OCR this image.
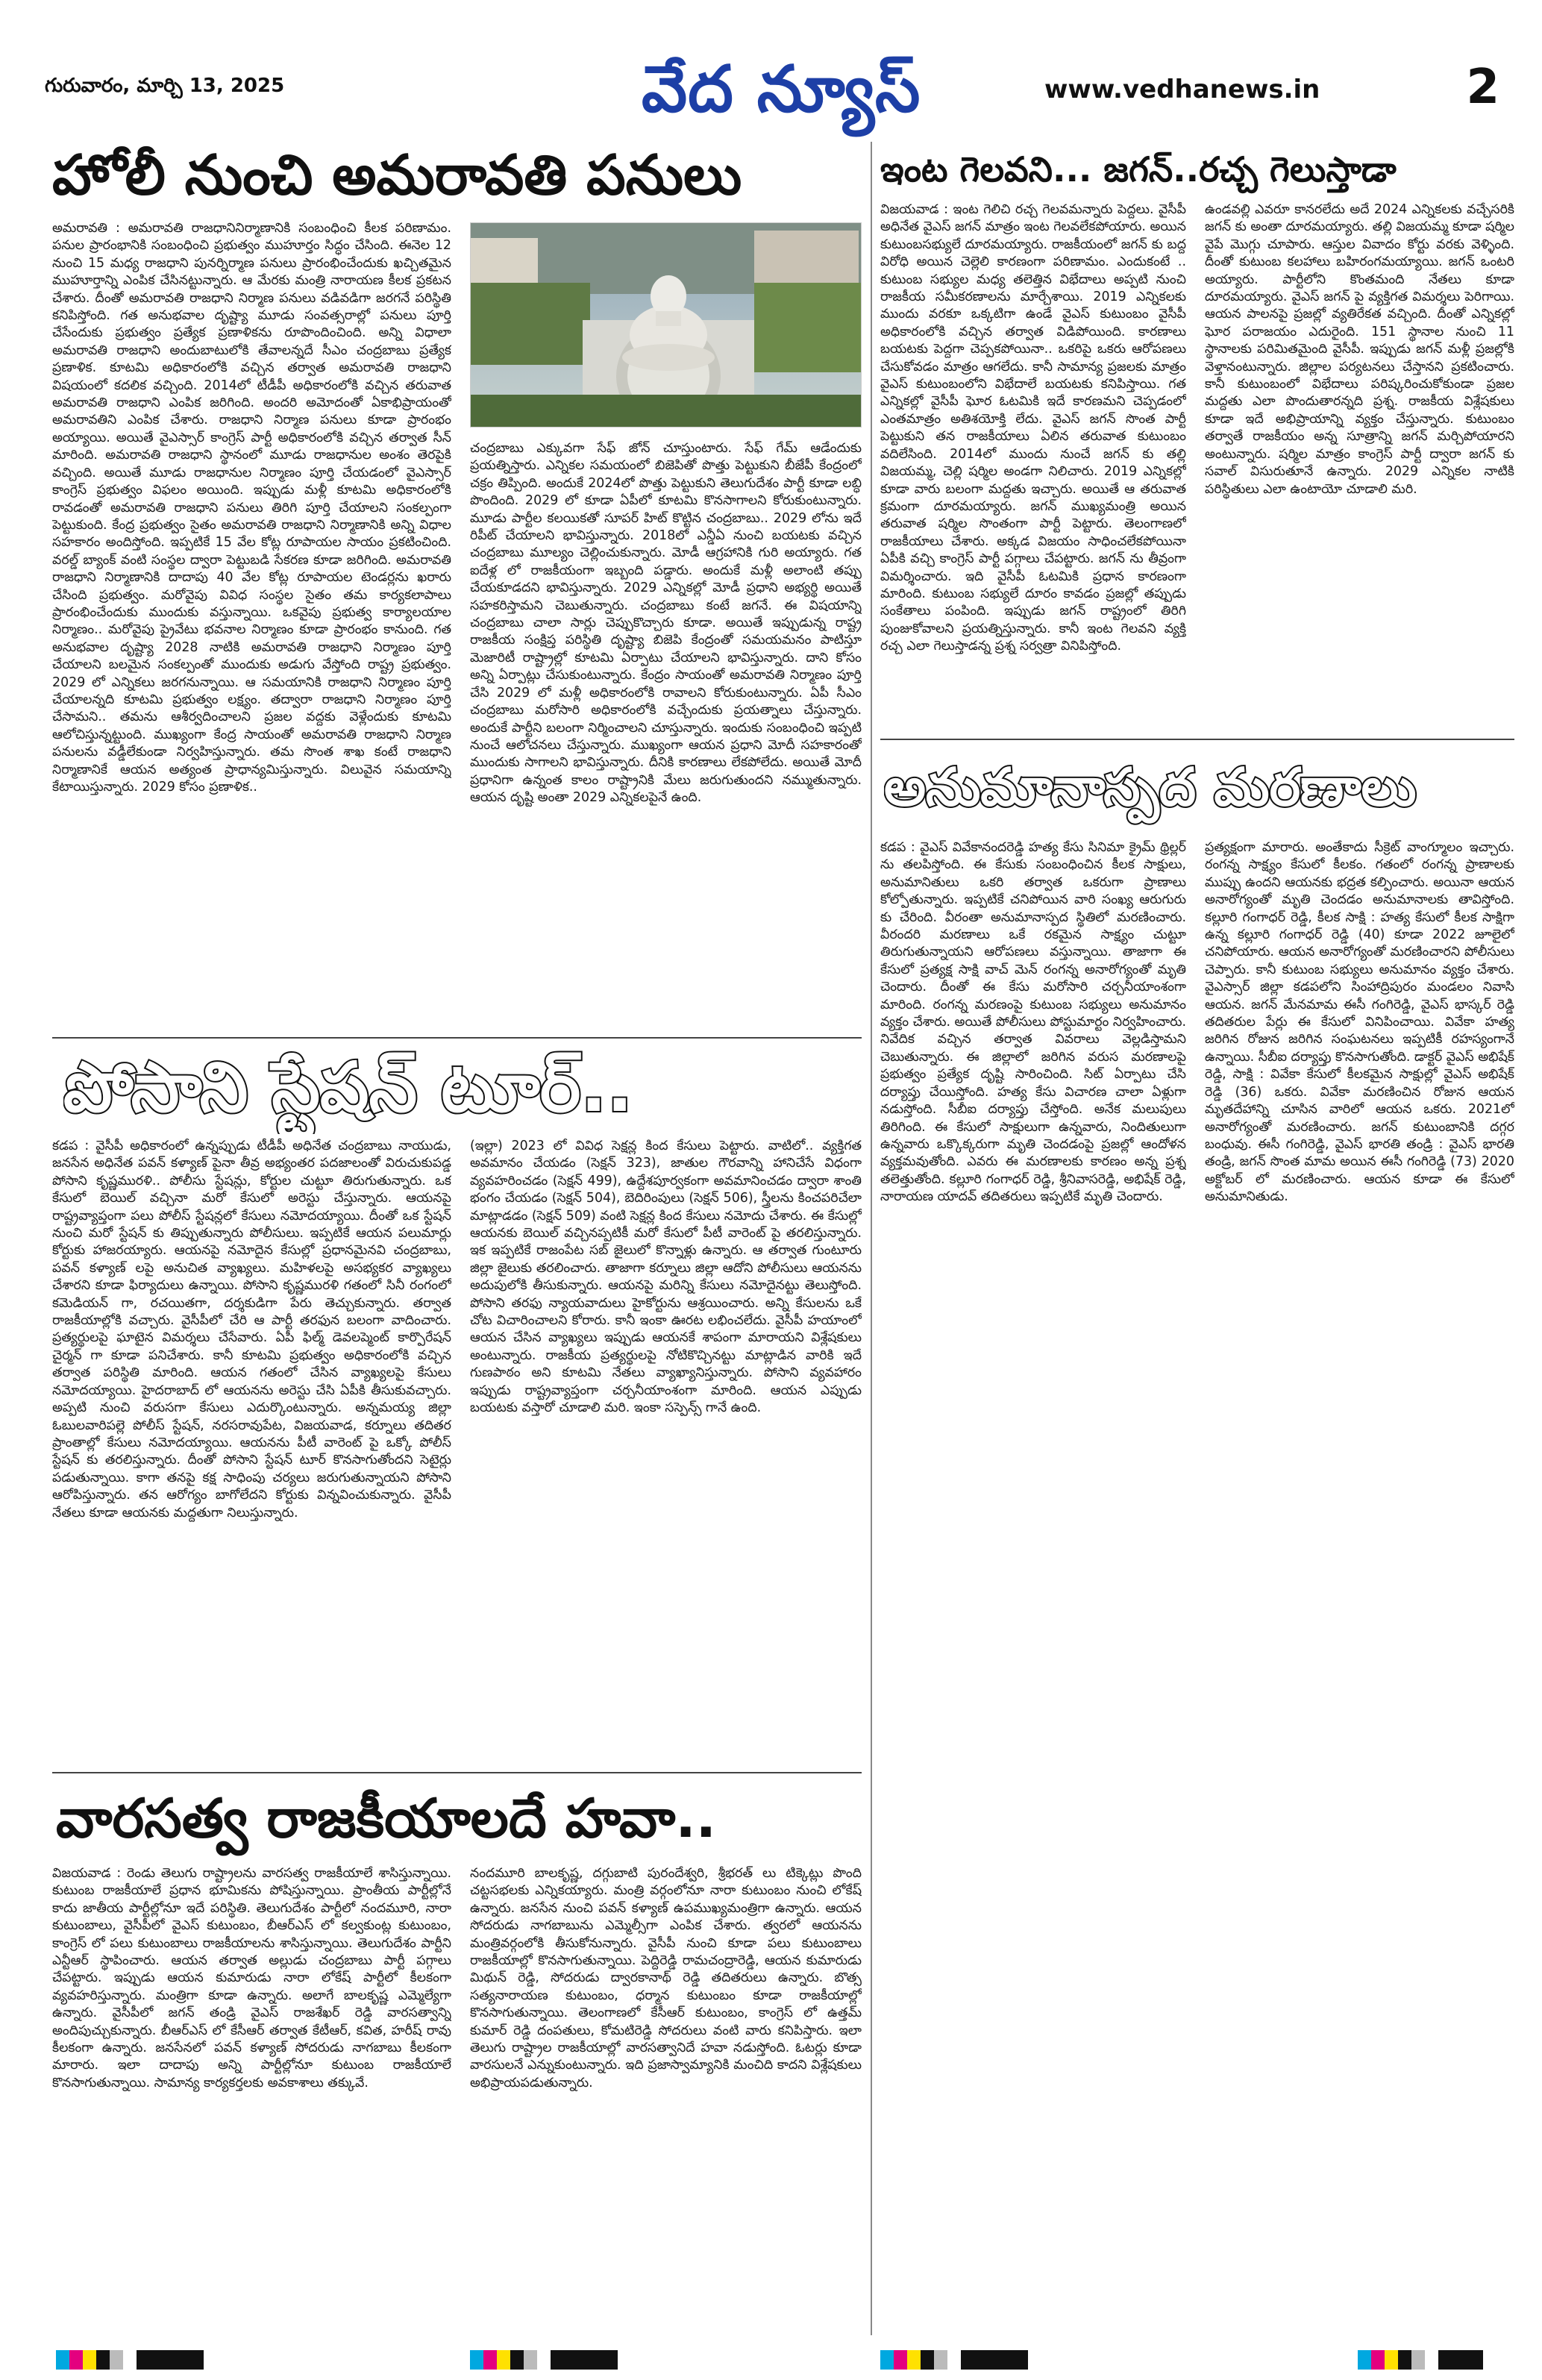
గురువారం, మార్చి 13, 2025	వేద న్యూస్	www.vedhanews.in	2
హోలీ నుంచి అమరావతి పనులు
అమరావతి : అమరావతి రాజధానినిర్మాణానికి సంబంధించి కీలక పరిణామం. పనుల ప్రారంభానికి సంబంధించి ప్రభుత్వం ముహూర్తం సిద్ధం చేసింది. ఈనెల 12 నుంచి 15 మధ్య రాజధాని పునర్నిర్మాణ పనులు ప్రారంభించేందుకు ఖచ్చితమైన ముహూర్తాన్ని ఎంపిక చేసినట్టున్నారు. ఆ మేరకు మంత్రి నారాయణ కీలక ప్రకటన చేశారు. దీంతో అమరావతి రాజధాని నిర్మాణ పనులు వడివడిగా జరగనే పరిస్థితి కనిపిస్తోంది. గత అనుభవాల దృష్ట్యా మూడు సంవత్సరాల్లో పనులు పూర్తి చేసేందుకు ప్రభుత్వం ప్రత్యేక ప్రణాళికను రూపొందించింది. అన్ని విధాలా అమరావతి రాజధాని అందుబాటులోకి తేవాలన్నదే సీఎం చంద్రబాబు ప్రత్యేక ప్రణాళిక. కూటమి అధికారంలోకి వచ్చిన తర్వాత అమరావతి రాజధాని విషయంలో కదలిక వచ్చింది. 2014లో టీడీపీ అధికారంలోకి వచ్చిన తరువాత అమరావతి రాజధాని ఎంపిక జరిగింది. అందరి అమోదంతో ఏకాభిప్రాయంతో అమరావతిని ఎంపిక చేశారు. రాజధాని నిర్మాణ పనులు కూడా ప్రారంభం అయ్యాయి. అయితే వైఎస్సార్ కాంగ్రెస్ పార్టీ అధికారంలోకి వచ్చిన తర్వాత సీన్ మారింది. అమరావతి రాజధాని స్థానంలో మూడు రాజధానుల అంశం తెరపైకి వచ్చింది. అయితే మూడు రాజధానుల నిర్మాణం పూర్తి చేయడంలో వైఎస్సార్ కాంగ్రెస్ ప్రభుత్వం విఫలం అయింది. ఇప్పుడు మళ్లీ కూటమి అధికారంలోకి రావడంతో అమరావతి రాజధాని పనులు తిరిగి పూర్తి చేయాలని సంకల్పంగా పెట్టుకుంది. కేంద్ర ప్రభుత్వం సైతం అమరావతి రాజధాని నిర్మాణానికి అన్ని విధాల సహకారం అందిస్తోంది. ఇప్పటికే 15 వేల కోట్ల రూపాయల సాయం ప్రకటించింది. వరల్డ్ బ్యాంక్ వంటి సంస్థల ద్వారా పెట్టుబడి సేకరణ కూడా జరిగింది. అమరావతి రాజధాని నిర్మాణానికి దాదాపు 40 వేల కోట్ల రూపాయల టెండర్లను ఖరారు చేసింది ప్రభుత్వం. మరోవైపు వివిధ సంస్థల సైతం తమ కార్యకలాపాలు ప్రారంభించేందుకు ముందుకు వస్తున్నాయి. ఒకవైపు ప్రభుత్వ కార్యాలయాల నిర్మాణం.. మరోవైపు ప్రైవేటు భవనాల నిర్మాణం కూడా ప్రారంభం కానుంది. గత అనుభవాల దృష్ట్యా 2028 నాటికి అమరావతి రాజధాని నిర్మాణం పూర్తి చేయాలని బలమైన సంకల్పంతో ముందుకు అడుగు వేస్తోంది రాష్ట్ర ప్రభుత్వం. 2029 లో ఎన్నికలు జరగనున్నాయి. ఆ సమయానికి రాజధాని నిర్మాణం పూర్తి చేయాలన్నది కూటమి ప్రభుత్వం లక్ష్యం. తద్వారా రాజధాని నిర్మాణం పూర్తి చేసామని.. తమను ఆశీర్వదించాలని ప్రజల వద్దకు వెళ్లేందుకు కూటమి ఆలోచిస్తున్నట్టుంది. ముఖ్యంగా కేంద్ర సాయంతో అమరావతి రాజధాని నిర్మాణ పనులను వడ్డీలేకుండా నిర్వహిస్తున్నారు. తమ సొంత శాఖ కంటే రాజధాని నిర్మాణానికే ఆయన అత్యంత ప్రాధాన్యమిస్తున్నారు. విలువైన సమయాన్ని కేటాయిస్తున్నారు. 2029 కోసం ప్రణాళిక..
చంద్రబాబు ఎక్కువగా సేఫ్ జోన్ చూస్తుంటారు. సేఫ్ గేమ్ ఆడేందుకు ప్రయత్నిస్తారు. ఎన్నికల సమయంలో బిజెపితో పొత్తు పెట్టుకుని బీజేపీ కేంద్రంలో చక్రం తిప్పింది. అందుకే 2024లో పొత్తు పెట్టుకుని తెలుగుదేశం పార్టీ కూడా లబ్ధి పొందింది. 2029 లో కూడా ఏపీలో కూటమి కొనసాగాలని కోరుకుంటున్నారు. మూడు పార్టీల కలయికతో సూపర్ హిట్ కొట్టిన చంద్రబాబు.. 2029 లోను ఇదే రిపీట్ చేయాలని భావిస్తున్నారు. 2018లో ఎన్డీఏ నుంచి బయటకు వచ్చిన చంద్రబాబు మూల్యం చెల్లించుకున్నారు. మోడీ ఆగ్రహానికి గురి అయ్యారు. గత ఐదేళ్ల లో రాజకీయంగా ఇబ్బంది పడ్డారు. అందుకే మళ్లీ అలాంటి తప్పు చేయకూడదని భావిస్తున్నారు. 2029 ఎన్నికల్లో మోడీ ప్రధాని అభ్యర్థి అయితే సహకరిస్తామని చెబుతున్నారు. చంద్రబాబు కంటే జగనే. ఈ విషయాన్ని చంద్రబాబు చాలా సార్లు చెప్పుకొచ్చారు కూడా. అయితే ఇప్పుడున్న రాష్ట్ర రాజకీయ సంక్షిప్త పరిస్థితి దృష్ట్యా బిజెపి కేంద్రంతో సమయమనం పాటిస్తూ మెజారిటీ రాష్ట్రాల్లో కూటమి ఏర్పాటు చేయాలని భావిస్తున్నారు. దాని కోసం అన్ని ఏర్పాట్లు చేసుకుంటున్నారు. కేంద్రం సాయంతో అమరావతి నిర్మాణం పూర్తి చేసి 2029 లో మళ్లీ అధికారంలోకి రావాలని కోరుకుంటున్నారు. ఏపీ సీఎం చంద్రబాబు మరోసారి అధికారంలోకి వచ్చేందుకు ప్రయత్నాలు చేస్తున్నారు. అందుకే పార్టీని బలంగా నిర్మించాలని చూస్తున్నారు. ఇందుకు సంబంధించి ఇప్పటి నుంచే ఆలోచనలు చేస్తున్నారు. ముఖ్యంగా ఆయన ప్రధాని మోదీ సహకారంతో ముందుకు సాగాలని భావిస్తున్నారు. దీనికి కారణాలు లేకపోలేదు. అయితే మోదీ ప్రధానిగా ఉన్నంత కాలం రాష్ట్రానికి మేలు జరుగుతుందని నమ్ముతున్నారు. ఆయన దృష్టి అంతా 2029 ఎన్నికలపైనే ఉంది.
ఇంట గెలవని... జగన్..రచ్చ గెలుస్తాడా
విజయవాడ : ఇంట గెలిచి రచ్చ గెలవమన్నారు పెద్దలు. వైసీపీ అధినేత వైఎస్ జగన్ మాత్రం ఇంట గెలవలేకపోయారు. అయిన కుటుంబసభ్యులే దూరమయ్యారు. రాజకీయంలో జగన్ కు బద్ద విరోధి అయిన చెల్లెలి కారణంగా పరిణామం. ఎందుకంటే .. కుటుంబ సభ్యుల మధ్య తలెత్తిన విభేదాలు అప్పటి నుంచి రాజకీయ సమీకరణాలను మార్చేశాయి. 2019 ఎన్నికలకు ముందు వరకూ ఒక్కటిగా ఉండే వైఎస్ కుటుంబం వైసీపీ అధికారంలోకి వచ్చిన తర్వాత విడిపోయింది. కారణాలు బయటకు పెద్దగా చెప్పకపోయినా.. ఒకరిపై ఒకరు ఆరోపణలు చేసుకోవడం మాత్రం ఆగలేదు. కానీ సామాన్య ప్రజలకు మాత్రం వైఎస్ కుటుంబంలోని విభేదాలే బయటకు కనిపిస్తాయి. గత ఎన్నికల్లో వైసీపీ ఘోర ఓటమికి ఇదే కారణమని చెప్పడంలో ఎంతమాత్రం అతిశయోక్తి లేదు. వైఎస్ జగన్ సొంత పార్టీ పెట్టుకుని తన రాజకీయాలు ఏలిన తరువాత కుటుంబం వదిలేసింది. 2014లో ముందు నుంచే జగన్ కు తల్లి విజయమ్మ, చెల్లి షర్మిల అండగా నిలిచారు. 2019 ఎన్నికల్లో కూడా వారు బలంగా మద్దతు ఇచ్చారు. అయితే ఆ తరువాత క్రమంగా దూరమయ్యారు. జగన్ ముఖ్యమంత్రి అయిన తరువాత షర్మిల సొంతంగా పార్టీ పెట్టారు. తెలంగాణలో రాజకీయాలు చేశారు. అక్కడ విజయం సాధించలేకపోయినా ఏపీకి వచ్చి కాంగ్రెస్ పార్టీ పగ్గాలు చేపట్టారు. జగన్ ను తీవ్రంగా విమర్శించారు. ఇది వైసీపీ ఓటమికి ప్రధాన కారణంగా మారింది. కుటుంబ సభ్యులే దూరం కావడం ప్రజల్లో తప్పుడు సంకేతాలు పంపింది. ఇప్పుడు జగన్ రాష్ట్రంలో తిరిగి పుంజుకోవాలని ప్రయత్నిస్తున్నారు. కానీ ఇంట గెలవని వ్యక్తి రచ్చ ఎలా గెలుస్తాడన్న ప్రశ్న సర్వత్రా వినిపిస్తోంది.
ఉండవల్లి ఎవరూ కానరలేదు అదే 2024 ఎన్నికలకు వచ్చేసరికి జగన్ కు అంతా దూరమయ్యారు. తల్లి విజయమ్మ కూడా షర్మిల వైపే మొగ్గు చూపారు. ఆస్తుల వివాదం కోర్టు వరకు వెళ్ళింది. దీంతో కుటుంబ కలహాలు బహిరంగమయ్యాయి. జగన్ ఒంటరి అయ్యారు. పార్టీలోని కొంతమంది నేతలు కూడా దూరమయ్యారు. వైఎస్ జగన్ పై వ్యక్తిగత విమర్శలు పెరిగాయి. ఆయన పాలనపై ప్రజల్లో వ్యతిరేకత వచ్చింది. దీంతో ఎన్నికల్లో ఘోర పరాజయం ఎదురైంది. 151 స్థానాల నుంచి 11 స్థానాలకు పరిమితమైంది వైసీపీ. ఇప్పుడు జగన్ మళ్లీ ప్రజల్లోకి వెళ్తానంటున్నారు. జిల్లాల పర్యటనలు చేస్తానని ప్రకటించారు. కానీ కుటుంబంలో విభేదాలు పరిష్కరించుకోకుండా ప్రజల మద్దతు ఎలా పొందుతారన్నది ప్రశ్న. రాజకీయ విశ్లేషకులు కూడా ఇదే అభిప్రాయాన్ని వ్యక్తం చేస్తున్నారు. కుటుంబం తర్వాతే రాజకీయం అన్న సూత్రాన్ని జగన్ మర్చిపోయారని అంటున్నారు. షర్మిల మాత్రం కాంగ్రెస్ పార్టీ ద్వారా జగన్ కు సవాల్ విసురుతూనే ఉన్నారు. 2029 ఎన్నికల నాటికి పరిస్థితులు ఎలా ఉంటాయో చూడాలి మరి.
అనుమానాస్పద మరణాలు
కడప : వైఎస్ వివేకానందరెడ్డి హత్య కేసు సినిమా క్రైమ్ థ్రిల్లర్ ను తలపిస్తోంది. ఈ కేసుకు సంబంధించిన కీలక సాక్షులు, అనుమానితులు ఒకరి తర్వాత ఒకరుగా ప్రాణాలు కోల్పోతున్నారు. ఇప్పటికే చనిపోయిన వారి సంఖ్య ఆరుగురు కు చేరింది. వీరంతా అనుమానాస్పద స్థితిలో మరణించారు. వీరందరి మరణాలు ఒకే రకమైన సాక్ష్యం చుట్టూ తిరుగుతున్నాయని ఆరోపణలు వస్తున్నాయి. తాజాగా ఈ కేసులో ప్రత్యక్ష సాక్షి వాచ్ మెన్ రంగన్న అనారోగ్యంతో మృతి చెందారు. దీంతో ఈ కేసు మరోసారి చర్చనీయాంశంగా మారింది. రంగన్న మరణంపై కుటుంబ సభ్యులు అనుమానం వ్యక్తం చేశారు. అయితే పోలీసులు పోస్టుమార్టం నిర్వహించారు. నివేదిక వచ్చిన తర్వాత వివరాలు వెల్లడిస్తామని చెబుతున్నారు. ఈ జిల్లాలో జరిగిన వరుస మరణాలపై ప్రభుత్వం ప్రత్యేక దృష్టి సారించింది. సిట్ ఏర్పాటు చేసి దర్యాప్తు చేయిస్తోంది. హత్య కేసు విచారణ చాలా ఏళ్లుగా నడుస్తోంది. సీబీఐ దర్యాప్తు చేస్తోంది. అనేక మలుపులు తిరిగింది. ఈ కేసులో సాక్షులుగా ఉన్నవారు, నిందితులుగా ఉన్నవారు ఒక్కొక్కరుగా మృతి చెందడంపై ప్రజల్లో ఆందోళన వ్యక్తమవుతోంది. ఎవరు ఈ మరణాలకు కారణం అన్న ప్రశ్న తలెత్తుతోంది. కల్లూరి గంగాధర్ రెడ్డి, శ్రీనివాసరెడ్డి, అభిషేక్ రెడ్డి, నారాయణ యాదవ్ తదితరులు ఇప్పటికే మృతి చెందారు.
ప్రత్యక్షంగా మారారు. అంతేకాదు సీక్రెట్ వాంగ్మూలం ఇచ్చారు. రంగన్న సాక్ష్యం కేసులో కీలకం. గతంలో రంగన్న ప్రాణాలకు ముప్పు ఉందని ఆయనకు భద్రత కల్పించారు. అయినా ఆయన అనారోగ్యంతో మృతి చెందడం అనుమానాలకు తావిస్తోంది. కల్లూరి గంగాధర్ రెడ్డి, కీలక సాక్షి : హత్య కేసులో కీలక సాక్షిగా ఉన్న కల్లూరి గంగాధర్ రెడ్డి (40) కూడా 2022 జూలైలో చనిపోయారు. ఆయన అనారోగ్యంతో మరణించారని పోలీసులు చెప్పారు. కానీ కుటుంబ సభ్యులు అనుమానం వ్యక్తం చేశారు. వైఎస్సార్ జిల్లా కడపలోని సింహాద్రిపురం మండలం నివాసి ఆయన. జగన్ మేనమామ ఈసీ గంగిరెడ్డి, వైఎస్ భాస్కర్ రెడ్డి తదితరుల పేర్లు ఈ కేసులో వినిపించాయి. వివేకా హత్య జరిగిన రోజున జరిగిన సంఘటనలు ఇప్పటికీ రహస్యంగానే ఉన్నాయి. సీబీఐ దర్యాప్తు కొనసాగుతోంది. డాక్టర్ వైఎస్ అభిషేక్ రెడ్డి, సాక్షి : వివేకా కేసులో కీలకమైన సాక్షుల్లో వైఎస్ అభిషేక్ రెడ్డి (36) ఒకరు. వివేకా మరణించిన రోజున ఆయన మృతదేహాన్ని చూసిన వారిలో ఆయన ఒకరు. 2021లో అనారోగ్యంతో మరణించారు. జగన్ కుటుంబానికి దగ్గర బంధువు. ఈసీ గంగిరెడ్డి, వైఎస్ భారతి తండ్రి : వైఎస్ భారతి తండ్రి, జగన్ సొంత మామ అయిన ఈసీ గంగిరెడ్డి (73) 2020 అక్టోబర్ లో మరణించారు. ఆయన కూడా ఈ కేసులో అనుమానితుడు.
పోసాని స్టేషన్ టూర్..
కడప : వైసీపీ అధికారంలో ఉన్నప్పుడు టీడీపీ అధినేత చంద్రబాబు నాయుడు, జనసేన అధినేత పవన్ కళ్యాణ్ పైనా తీవ్ర అభ్యంతర పదజాలంతో విరుచుకుపడ్డ పోసాని కృష్ణమురళి.. పోలీసు స్టేషన్లు, కోర్టుల చుట్టూ తిరుగుతున్నారు. ఒక కేసులో బెయిల్ వచ్చినా మరో కేసులో అరెస్టు చేస్తున్నారు. ఆయనపై రాష్ట్రవ్యాప్తంగా పలు పోలీస్ స్టేషన్లలో కేసులు నమోదయ్యాయి. దీంతో ఒక స్టేషన్ నుంచి మరో స్టేషన్ కు తిప్పుతున్నారు పోలీసులు. ఇప్పటికే ఆయన పలుమార్లు కోర్టుకు హాజరయ్యారు. ఆయనపై నమోదైన కేసుల్లో ప్రధానమైనవి చంద్రబాబు, పవన్ కళ్యాణ్ లపై అనుచిత వ్యాఖ్యలు. మహిళలపై అసభ్యకర వ్యాఖ్యలు చేశారని కూడా ఫిర్యాదులు ఉన్నాయి. పోసాని కృష్ణమురళి గతంలో సినీ రంగంలో కమెడియన్ గా, రచయితగా, దర్శకుడిగా పేరు తెచ్చుకున్నారు. తర్వాత రాజకీయాల్లోకి వచ్చారు. వైసీపీలో చేరి ఆ పార్టీ తరఫున బలంగా వాదించారు. ప్రత్యర్థులపై ఘాటైన విమర్శలు చేసేవారు. ఏపీ ఫిల్మ్ డెవలప్మెంట్ కార్పొరేషన్ చైర్మన్ గా కూడా పనిచేశారు. కానీ కూటమి ప్రభుత్వం అధికారంలోకి వచ్చిన తర్వాత పరిస్థితి మారింది. ఆయన గతంలో చేసిన వ్యాఖ్యలపై కేసులు నమోదయ్యాయి. హైదరాబాద్ లో ఆయనను అరెస్టు చేసి ఏపీకి తీసుకువచ్చారు. అప్పటి నుంచి వరుసగా కేసులు ఎదుర్కొంటున్నారు. అన్నమయ్య జిల్లా ఓబులవారిపల్లె పోలీస్ స్టేషన్, నరసరావుపేట, విజయవాడ, కర్నూలు తదితర ప్రాంతాల్లో కేసులు నమోదయ్యాయి. ఆయనను పీటీ వారెంట్ పై ఒక్కో పోలీస్ స్టేషన్ కు తరలిస్తున్నారు. దీంతో పోసాని స్టేషన్ టూర్ కొనసాగుతోందని సెటైర్లు పడుతున్నాయి. కాగా తనపై కక్ష సాధింపు చర్యలు జరుగుతున్నాయని పోసాని ఆరోపిస్తున్నారు. తన ఆరోగ్యం బాగోలేదని కోర్టుకు విన్నవించుకున్నారు. వైసీపీ నేతలు కూడా ఆయనకు మద్దతుగా నిలుస్తున్నారు.
(ఇల్లా) 2023 లో వివిధ సెక్షన్ల కింద కేసులు పెట్టారు. వాటిలో.. వ్యక్తిగత అవమానం చేయడం (సెక్షన్ 323), జాతుల గౌరవాన్ని హానిచేసే విధంగా వ్యవహరించడం (సెక్షన్ 499), ఉద్దేశపూర్వకంగా అవమానించడం ద్వారా శాంతి భంగం చేయడం (సెక్షన్ 504), బెదిరింపులు (సెక్షన్ 506), స్త్రీలను కించపరిచేలా మాట్లాడడం (సెక్షన్ 509) వంటి సెక్షన్ల కింద కేసులు నమోదు చేశారు. ఈ కేసుల్లో ఆయనకు బెయిల్ వచ్చినప్పటికీ మరో కేసులో పీటీ వారెంట్ పై తరలిస్తున్నారు. ఇక ఇప్పటికే రాజంపేట సబ్ జైలులో కొన్నాళ్లు ఉన్నారు. ఆ తర్వాత గుంటూరు జిల్లా జైలుకు తరలించారు. తాజాగా కర్నూలు జిల్లా ఆదోని పోలీసులు ఆయనను అదుపులోకి తీసుకున్నారు. ఆయనపై మరిన్ని కేసులు నమోదైనట్టు తెలుస్తోంది. పోసాని తరఫు న్యాయవాదులు హైకోర్టును ఆశ్రయించారు. అన్ని కేసులను ఒకే చోట విచారించాలని కోరారు. కానీ ఇంకా ఊరట లభించలేదు. వైసీపీ హయాంలో ఆయన చేసిన వ్యాఖ్యలు ఇప్పుడు ఆయనకే శాపంగా మారాయని విశ్లేషకులు అంటున్నారు. రాజకీయ ప్రత్యర్థులపై నోటికొచ్చినట్టు మాట్లాడిన వారికి ఇదే గుణపాఠం అని కూటమి నేతలు వ్యాఖ్యానిస్తున్నారు. పోసాని వ్యవహారం ఇప్పుడు రాష్ట్రవ్యాప్తంగా చర్చనీయాంశంగా మారింది. ఆయన ఎప్పుడు బయటకు వస్తారో చూడాలి మరి. ఇంకా సస్పెన్స్ గానే ఉంది.
వారసత్వ రాజకీయాలదే హవా..
విజయవాడ : రెండు తెలుగు రాష్ట్రాలను వారసత్వ రాజకీయాలే శాసిస్తున్నాయి. కుటుంబ రాజకీయాలే ప్రధాన భూమికను పోషిస్తున్నాయి. ప్రాంతీయ పార్టీల్లోనే కాదు జాతీయ పార్టీల్లోనూ ఇదే పరిస్థితి. తెలుగుదేశం పార్టీలో నందమూరి, నారా కుటుంబాలు, వైసీపీలో వైఎస్ కుటుంబం, బీఆర్ఎస్ లో కల్వకుంట్ల కుటుంబం, కాంగ్రెస్ లో పలు కుటుంబాలు రాజకీయాలను శాసిస్తున్నాయి. తెలుగుదేశం పార్టీని ఎన్టీఆర్ స్థాపించారు. ఆయన తర్వాత అల్లుడు చంద్రబాబు పార్టీ పగ్గాలు చేపట్టారు. ఇప్పుడు ఆయన కుమారుడు నారా లోకేష్ పార్టీలో కీలకంగా వ్యవహరిస్తున్నారు. మంత్రిగా కూడా ఉన్నారు. అలాగే బాలకృష్ణ ఎమ్మెల్యేగా ఉన్నారు. వైసీపీలో జగన్ తండ్రి వైఎస్ రాజశేఖర్ రెడ్డి వారసత్వాన్ని అందిపుచ్చుకున్నారు. బీఆర్ఎస్ లో కేసీఆర్ తర్వాత కేటీఆర్, కవిత, హరీష్ రావు కీలకంగా ఉన్నారు. జనసేనలో పవన్ కళ్యాణ్ సోదరుడు నాగబాబు కీలకంగా మారారు. ఇలా దాదాపు అన్ని పార్టీల్లోనూ కుటుంబ రాజకీయాలే కొనసాగుతున్నాయి. సామాన్య కార్యకర్తలకు అవకాశాలు తక్కువే.
నందమూరి బాలకృష్ణ, దగ్గుబాటి పురందేశ్వరి, శ్రీభరత్ లు టిక్కెట్లు పొంది చట్టసభలకు ఎన్నికయ్యారు. మంత్రి వర్గంలోనూ నారా కుటుంబం నుంచి లోకేష్ ఉన్నారు. జనసేన నుంచి పవన్ కళ్యాణ్ ఉపముఖ్యమంత్రిగా ఉన్నారు. ఆయన సోదరుడు నాగబాబును ఎమ్మెల్సీగా ఎంపిక చేశారు. త్వరలో ఆయనను మంత్రివర్గంలోకి తీసుకోనున్నారు. వైసీపీ నుంచి కూడా పలు కుటుంబాలు రాజకీయాల్లో కొనసాగుతున్నాయి. పెద్దిరెడ్డి రామచంద్రారెడ్డి, ఆయన కుమారుడు మిథున్ రెడ్డి, సోదరుడు ద్వారకానాథ్ రెడ్డి తదితరులు ఉన్నారు. బొత్స సత్యనారాయణ కుటుంబం, ధర్మాన కుటుంబం కూడా రాజకీయాల్లో కొనసాగుతున్నాయి. తెలంగాణలో కేసీఆర్ కుటుంబం, కాంగ్రెస్ లో ఉత్తమ్ కుమార్ రెడ్డి దంపతులు, కోమటిరెడ్డి సోదరులు వంటి వారు కనిపిస్తారు. ఇలా తెలుగు రాష్ట్రాల రాజకీయాల్లో వారసత్వానిదే హవా నడుస్తోంది. ఓటర్లు కూడా వారసులనే ఎన్నుకుంటున్నారు. ఇది ప్రజాస్వామ్యానికి మంచిది కాదని విశ్లేషకులు అభిప్రాయపడుతున్నారు.
